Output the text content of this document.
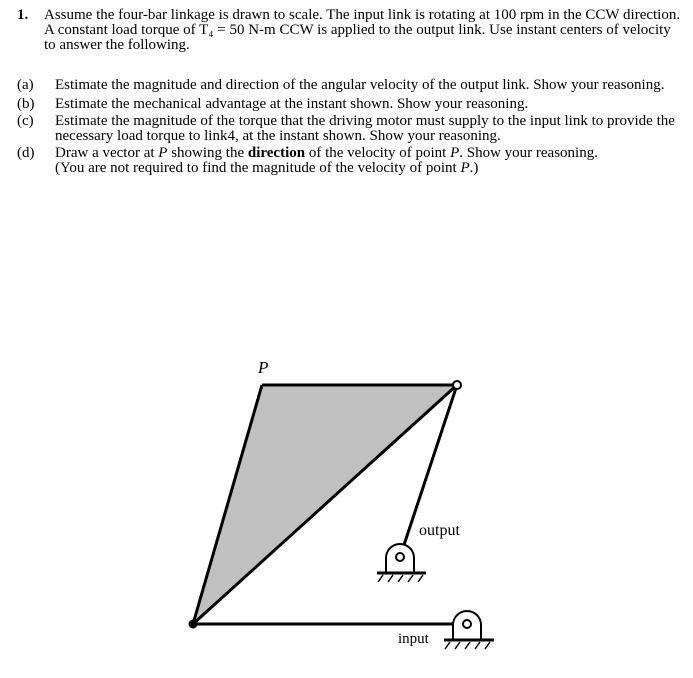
1.	Assume the four-bar linkage is drawn to scale. The input link is rotating at 100 rpm in the CCW direction. A constant load torque of T₄ = 50 N-m CCW is applied to the output link. Use instant centers of velocity to answer the following.
(a)	Estimate the magnitude and direction of the angular velocity of the output link. Show your reasoning.
(b)	Estimate the mechanical advantage at the instant shown. Show your reasoning.
(c)	Estimate the magnitude of the torque that the driving motor must supply to the input link to provide the necessary load torque to link4, at the instant shown. Show your reasoning.
(d)	Draw a vector at P showing the direction of the velocity of point P. Show your reasoning.
(You are not required to find the magnitude of the velocity of point P.)
P
output
input
